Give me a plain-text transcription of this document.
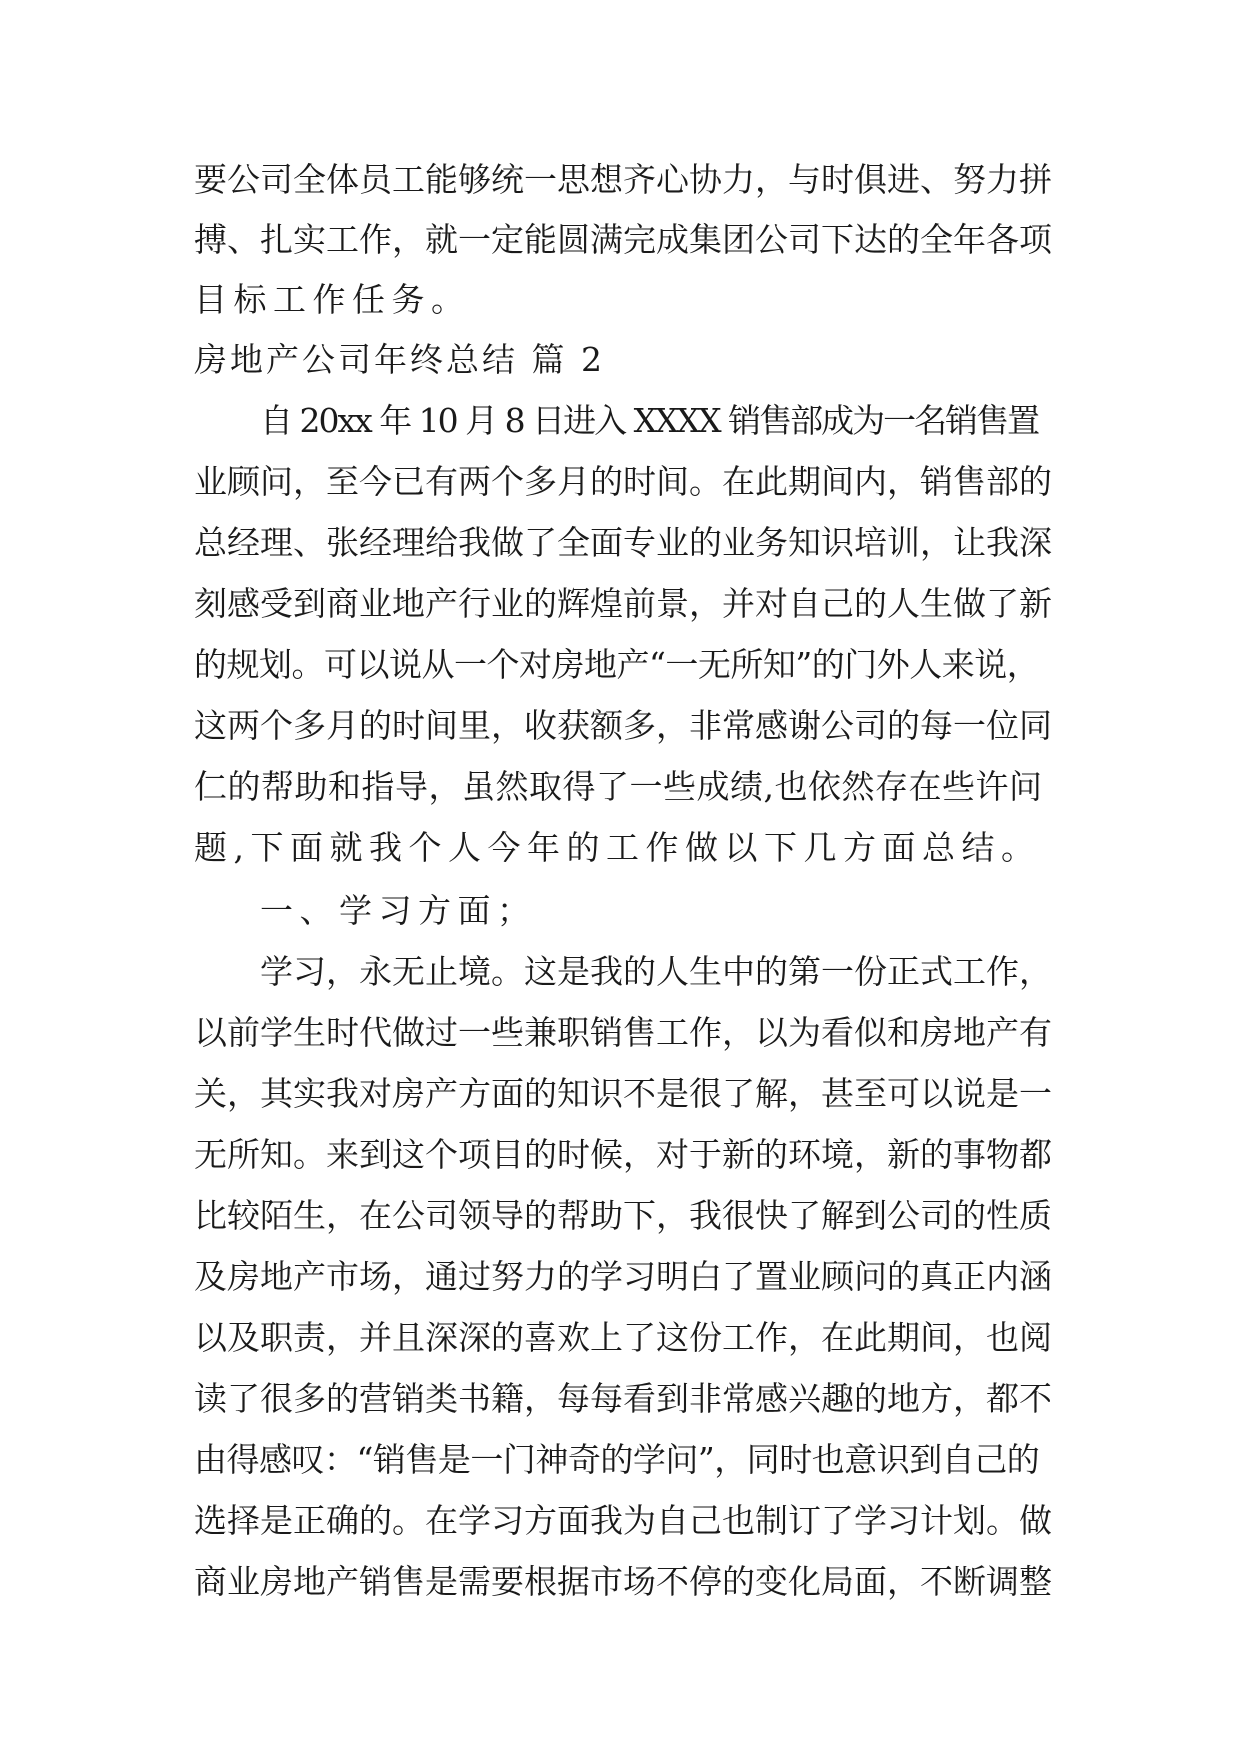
要公司全体员工能够统一思想齐心协力，与时俱进、努力拼
搏、扎实工作，就一定能圆满完成集团公司下达的全年各项
目标工作任务。
房地产公司年终总结 篇 2
自 20xx 年 10 月 8 日进入 XXXX 销售部成为一名销售置
业顾问，至今已有两个多月的时间。在此期间内，销售部的
总经理、张经理给我做了全面专业的业务知识培训，让我深
刻感受到商业地产行业的辉煌前景，并对自己的人生做了新
的规划。可以说从一个对房地产“一无所知”的门外人来说，
这两个多月的时间里，收获额多，非常感谢公司的每一位同
仁的帮助和指导，虽然取得了一些成绩,也依然存在些许问
题,下面就我个人今年的工作做以下几方面总结。
一、学习方面；
学习，永无止境。这是我的人生中的第一份正式工作，
以前学生时代做过一些兼职销售工作，以为看似和房地产有
关，其实我对房产方面的知识不是很了解，甚至可以说是一
无所知。来到这个项目的时候，对于新的环境，新的事物都
比较陌生，在公司领导的帮助下，我很快了解到公司的性质
及房地产市场，通过努力的学习明白了置业顾问的真正内涵
以及职责，并且深深的喜欢上了这份工作，在此期间，也阅
读了很多的营销类书籍，每每看到非常感兴趣的地方，都不
由得感叹：“销售是一门神奇的学问”，同时也意识到自己的
选择是正确的。在学习方面我为自己也制订了学习计划。做
商业房地产销售是需要根据市场不停的变化局面，不断调整
